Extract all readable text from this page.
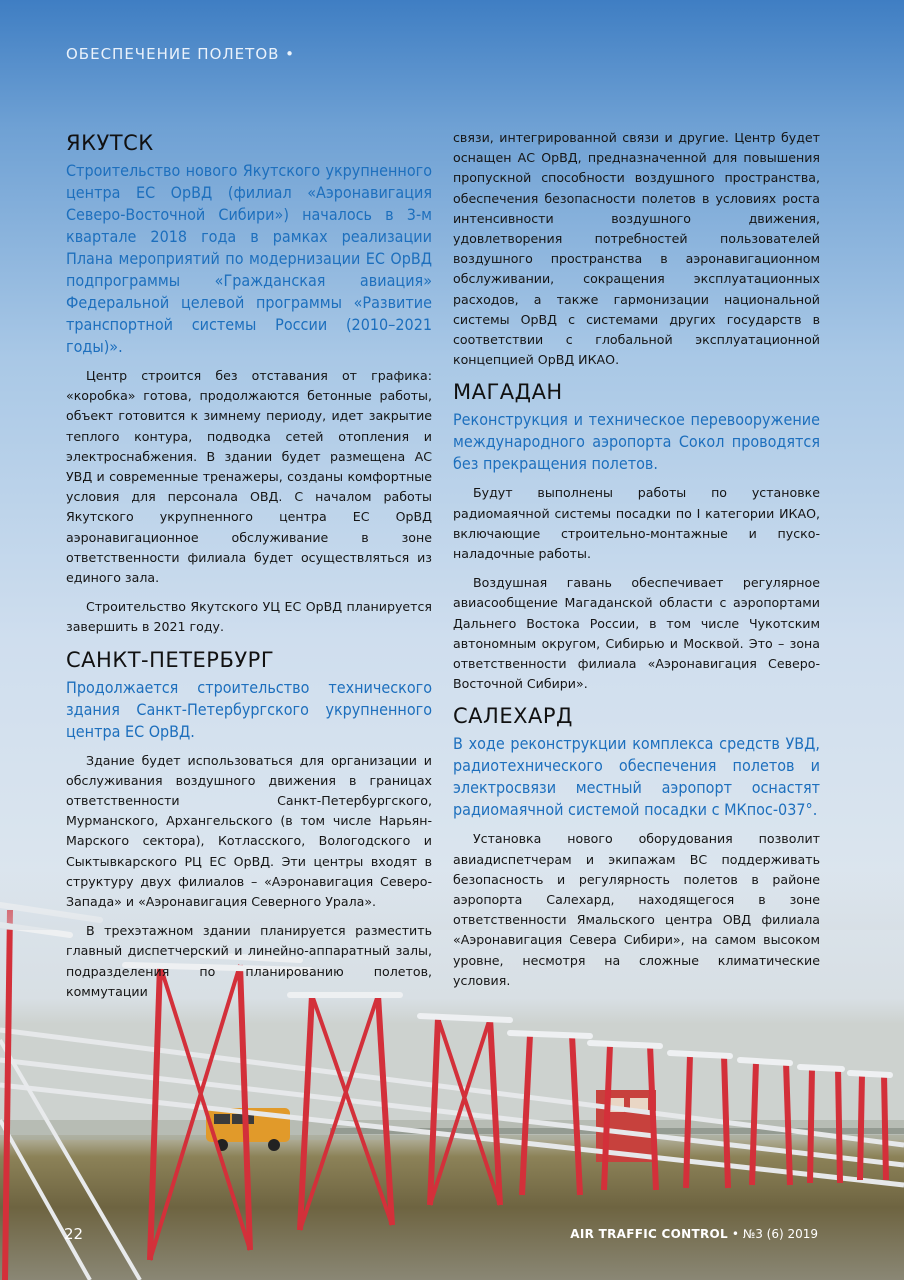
ОБЕСПЕЧЕНИЕ ПОЛЕТОВ •
ЯКУТСК

Строительство нового Якутского укрупненного центра ЕС ОрВД (филиал «Аэронавигация Северо-Восточной Сибири») началось в 3-м квартале 2018 года в рамках реализации Плана мероприятий по модернизации ЕС ОрВД подпрограммы «Гражданская авиация» Федеральной целевой программы «Развитие транспортной системы России (2010–2021 годы)».

Центр строится без отставания от графика: «коробка» готова, продолжаются бетонные работы, объект готовится к зимнему периоду, идет закрытие теплого контура, подводка сетей отопления и электроснабжения. В здании будет размещена АС УВД и современные тренажеры, созданы комфортные условия для персонала ОВД. С началом работы Якутского укрупненного центра ЕС ОрВД аэронавигационное обслуживание в зоне ответственности филиала будет осуществляться из единого зала.

Строительство Якутского УЦ ЕС ОрВД планируется завершить в 2021 году.

САНКТ-ПЕТЕРБУРГ

Продолжается строительство технического здания Санкт-Петербургского укрупненного центра ЕС ОрВД.

Здание будет использоваться для организации и обслуживания воздушного движения в границах ответственности Санкт-Петербургского, Мурманского, Архангельского (в том числе Нарьян-Марского сектора), Котласского, Вологодского и Сыктывкарского РЦ ЕС ОрВД. Эти центры входят в структуру двух филиалов – «Аэронавигация Северо-Запада» и «Аэронавигация Северного Урала».

В трехэтажном здании планируется разместить главный диспетчерский и линейно-аппаратный залы, подразделения по планированию полетов, коммутации

связи, интегрированной связи и другие. Центр будет оснащен АС ОрВД, предназначенной для повышения пропускной способности воздушного пространства, обеспечения безопасности полетов в условиях роста интенсивности воздушного движения, удовлетворения потребностей пользователей воздушного пространства в аэронавигационном обслуживании, сокращения эксплуатационных расходов, а также гармонизации национальной системы ОрВД с системами других государств в соответствии с глобальной эксплуатационной концепцией ОрВД ИКАО.

МАГАДАН

Реконструкция и техническое перевооружение международного аэропорта Сокол проводятся без прекращения полетов.

Будут выполнены работы по установке радиомаячной системы посадки по I категории ИКАО, включающие строительно-монтажные и пуско-наладочные работы.

Воздушная гавань обеспечивает регулярное авиасообщение Магаданской области с аэропортами Дальнего Востока России, в том числе Чукотским автономным округом, Сибирью и Москвой. Это – зона ответственности филиала «Аэронавигация Северо-Восточной Сибири».

САЛЕХАРД

В ходе реконструкции комплекса средств УВД, радиотехнического обеспечения полетов и электросвязи местный аэропорт оснастят радиомаячной системой посадки с МКпос-037°.

Установка нового оборудования позволит авиадиспетчерам и экипажам ВС поддерживать безопасность и регулярность полетов в районе аэропорта Салехард, находящегося в зоне ответственности Ямальского центра ОВД филиала «Аэронавигация Севера Сибири», на самом высоком уровне, несмотря на сложные климатические условия.

22	AIR TRAFFIC CONTROL • №3 (6) 2019
